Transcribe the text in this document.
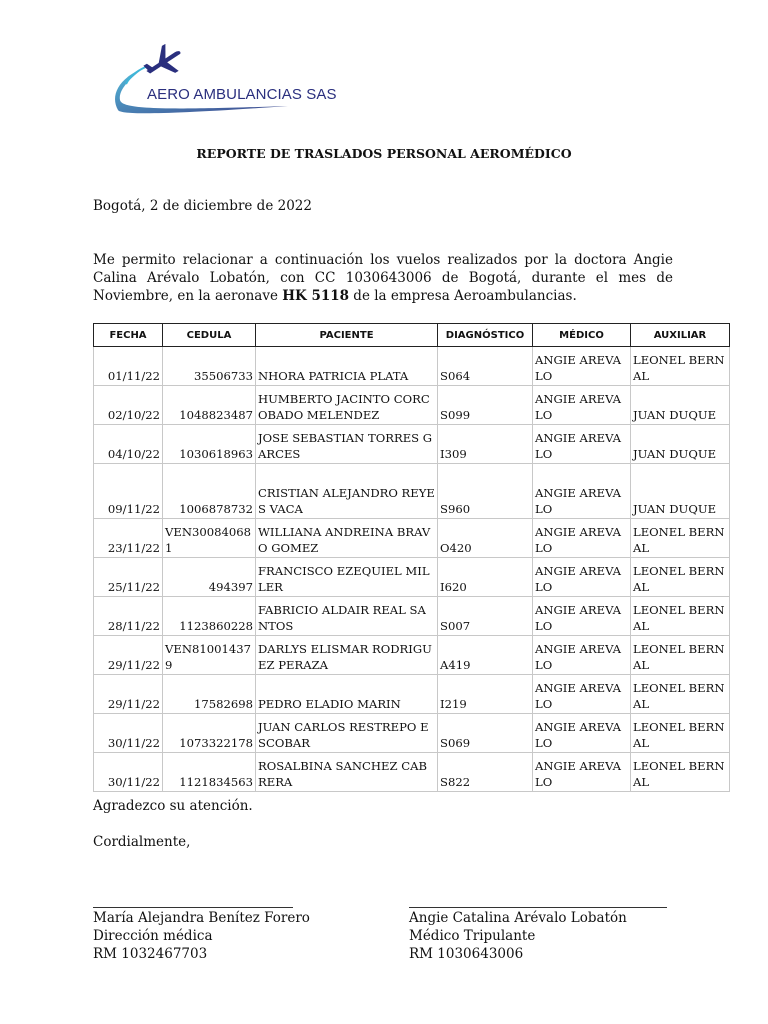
AERO AMBULANCIAS SAS
REPORTE DE TRASLADOS PERSONAL AEROMÉDICO
Bogotá, 2 de diciembre de 2022
Me permito relacionar a continuación los vuelos realizados por la doctora Angie Calina Arévalo Lobatón, con CC 1030643006 de Bogotá, durante el mes de Noviembre, en la aeronave HK 5118 de la empresa Aeroambulancias.
FECHA	CEDULA	PACIENTE	DIAGNÓSTICO	MÉDICO	AUXILIAR
01/11/22	35506733	NHORA PATRICIA PLATA	S064	ANGIE AREVALO	LEONEL BERNAL
02/10/22	1048823487	HUMBERTO JACINTO CORCOBADO MELENDEZ	S099	ANGIE AREVALO	JUAN DUQUE
04/10/22	1030618963	JOSE SEBASTIAN TORRES GARCES	I309	ANGIE AREVALO	JUAN DUQUE
09/11/22	1006878732	CRISTIAN ALEJANDRO REYES VACA	S960	ANGIE AREVALO	JUAN DUQUE
23/11/22	VEN300840681	WILLIANA ANDREINA BRAVO GOMEZ	O420	ANGIE AREVALO	LEONEL BERNAL
25/11/22	494397	FRANCISCO EZEQUIEL MILLER	I620	ANGIE AREVALO	LEONEL BERNAL
28/11/22	1123860228	FABRICIO ALDAIR REAL SANTOS	S007	ANGIE AREVALO	LEONEL BERNAL
29/11/22	VEN810014379	DARLYS ELISMAR RODRIGUEZ PERAZA	A419	ANGIE AREVALO	LEONEL BERNAL
29/11/22	17582698	PEDRO ELADIO MARIN	I219	ANGIE AREVALO	LEONEL BERNAL
30/11/22	1073322178	JUAN CARLOS RESTREPO ESCOBAR	S069	ANGIE AREVALO	LEONEL BERNAL
30/11/22	1121834563	ROSALBINA SANCHEZ CABRERA	S822	ANGIE AREVALO	LEONEL BERNAL
Agradezco su atención.
Cordialmente,
María Alejandra Benítez Forero
Dirección médica
RM 1032467703
Angie Catalina Arévalo Lobatón
Médico Tripulante
RM 1030643006
